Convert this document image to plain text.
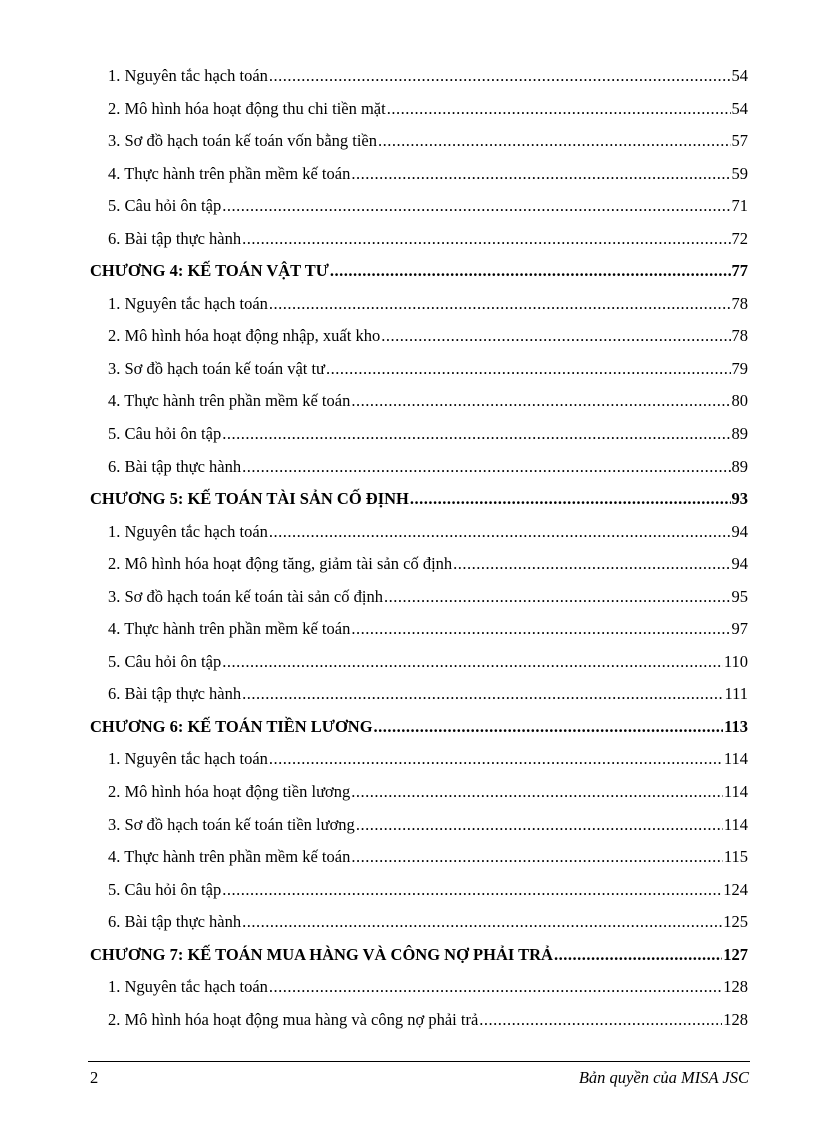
1. Nguyên tắc hạch toán .....	54
2. Mô hình hóa hoạt động thu chi tiền mặt .....	54
3. Sơ đồ hạch toán kế toán vốn bằng tiền .....	57
4. Thực hành trên phần mềm kế toán .....	59
5. Câu hỏi ôn tập .....	71
6. Bài tập thực hành .....	72
CHƯƠNG 4: KẾ TOÁN VẬT TƯ .....	77
1. Nguyên tắc hạch toán .....	78
2. Mô hình hóa hoạt động nhập, xuất kho .....	78
3. Sơ đồ hạch toán kế toán vật tư .....	79
4. Thực hành trên phần mềm kế toán .....	80
5. Câu hỏi ôn tập .....	89
6. Bài tập thực hành .....	89
CHƯƠNG 5: KẾ TOÁN TÀI SẢN CỐ ĐỊNH .....	93
1. Nguyên tắc hạch toán .....	94
2. Mô hình hóa hoạt động tăng, giảm tài sản cố định .....	94
3. Sơ đồ hạch toán kế toán tài sản cố định .....	95
4. Thực hành trên phần mềm kế toán .....	97
5. Câu hỏi ôn tập .....	110
6. Bài tập thực hành .....	111
CHƯƠNG 6: KẾ TOÁN TIỀN LƯƠNG .....	113
1. Nguyên tắc hạch toán .....	114
2. Mô hình hóa hoạt động tiền lương .....	114
3. Sơ đồ hạch toán kế toán tiền lương .....	114
4. Thực hành trên phần mềm kế toán .....	115
5. Câu hỏi ôn tập .....	124
6. Bài tập thực hành .....	125
CHƯƠNG 7: KẾ TOÁN MUA HÀNG VÀ CÔNG NỢ PHẢI TRẢ .....	127
1. Nguyên tắc hạch toán .....	128
2. Mô hình hóa hoạt động mua hàng và công nợ phải trả .....	128
2	Bản quyền của MISA JSC
